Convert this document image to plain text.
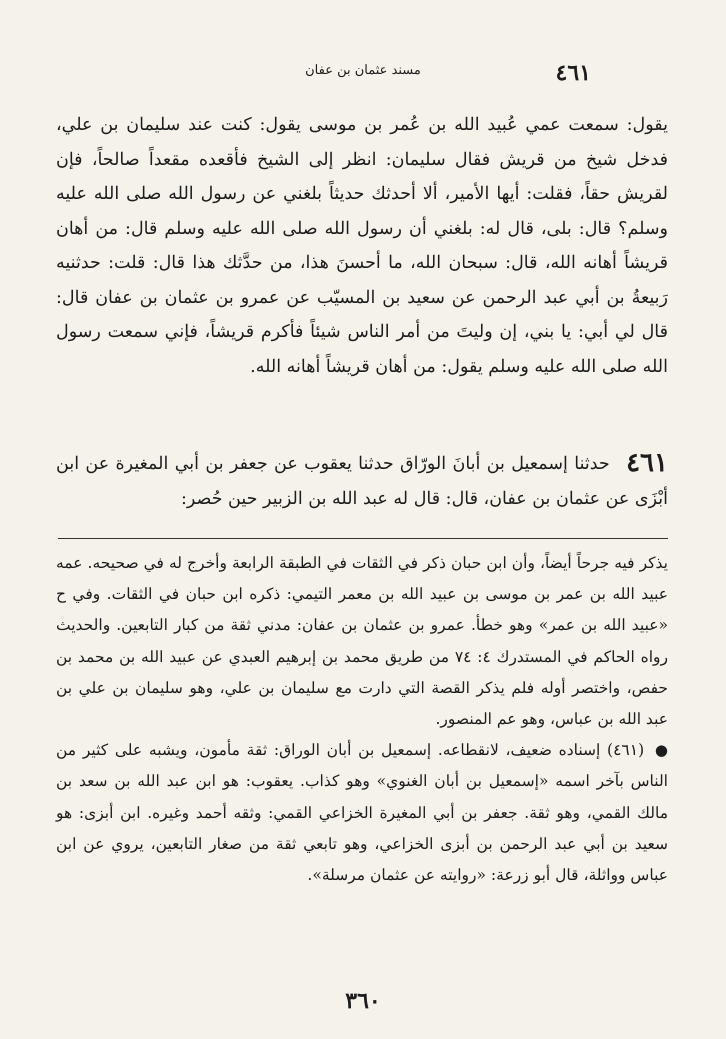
مسند عثمان بن عفان	٤٦١

يقول: سمعت عمي عُبيد الله بن عُمر بن موسى يقول: كنت عند سليمان بن علي، فدخل شيخ من قريش فقال سليمان: انظر إلى الشيخ فأقعده مقعداً صالحاً، فإن لقريش حقاً، فقلت: أيها الأمير، ألا أحدثك حديثاً بلغني عن رسول الله صلى الله عليه وسلم؟ قال: بلى، قال له: بلغني أن رسول الله صلى الله عليه وسلم قال: من أهان قريشاً أهانه الله، قال: سبحان الله، ما أحسنَ هذا، من حدَّثك هذا قال: قلت: حدثنيه رَبيعةُ بن أبي عبد الرحمن عن سعيد بن المسيّب عن عمرو بن عثمان بن عفان قال: قال لي أبي: يا بني، إن وليتَ من أمر الناس شيئاً فأكرم قريشاً، فإني سمعت رسول الله صلى الله عليه وسلم يقول: من أهان قريشاً أهانه الله.

٤٦١ حدثنا إسمعيل بن أبانَ الورّاق حدثنا يعقوب عن جعفر بن أبي المغيرة عن ابن أبْزَى عن عثمان بن عفان، قال: قال له عبد الله بن الزبير حين حُصر:

يذكر فيه جرحاً أيضاً، وأن ابن حبان ذكر في الثقات في الطبقة الرابعة وأخرج له في صحيحه. عمه عبيد الله بن عمر بن موسى بن عبيد الله بن معمر التيمي: ذكره ابن حبان في الثقات. وفي ح «عبيد الله بن عمر» وهو خطأ. عمرو بن عثمان بن عفان: مدني ثقة من كبار التابعين. والحديث رواه الحاكم في المستدرك ٤: ٧٤ من طريق محمد بن إبرهيم العبدي عن عبيد الله بن محمد بن حفص، واختصر أوله فلم يذكر القصة التي دارت مع سليمان بن علي، وهو سليمان بن علي بن عبد الله بن عباس، وهو عم المنصور.

● (٤٦١) إسناده ضعيف، لانقطاعه. إسمعيل بن أبان الوراق: ثقة مأمون، ويشبه على كثير من الناس بآخر اسمه «إسمعيل بن أبان الغنوي» وهو كذاب. يعقوب: هو ابن عبد الله بن سعد بن مالك القمي، وهو ثقة. جعفر بن أبي المغيرة الخزاعي القمي: وثقه أحمد وغيره. ابن أبزى: هو سعيد بن أبي عبد الرحمن بن أبزى الخزاعي، وهو تابعي ثقة من صغار التابعين، يروي عن ابن عباس وواثلة، قال أبو زرعة: «روايته عن عثمان مرسلة».

٣٦٠
